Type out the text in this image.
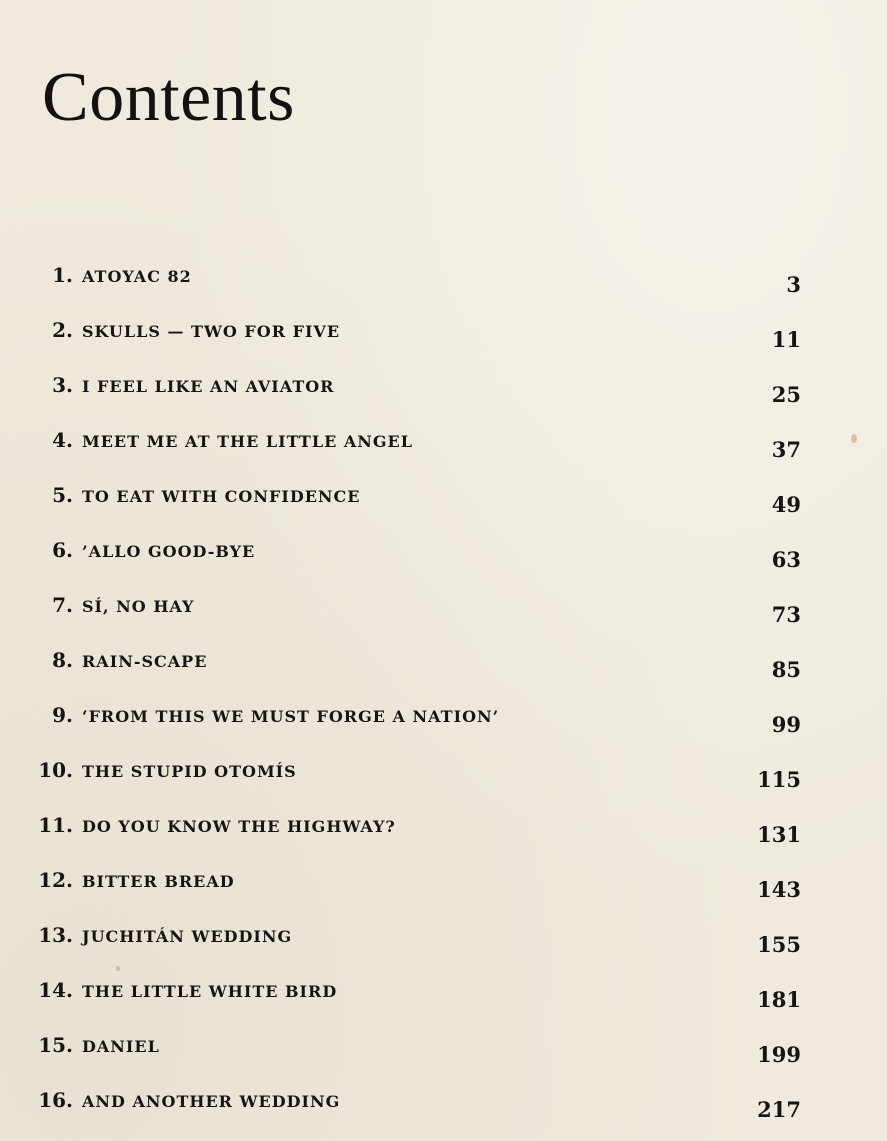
Contents
1. ATOYAC 82	3
2. SKULLS — TWO FOR FIVE	11
3. I FEEL LIKE AN AVIATOR	25
4. MEET ME AT THE LITTLE ANGEL	37
5. TO EAT WITH CONFIDENCE	49
6. ’ALLO GOOD-BYE	63
7. SÍ, NO HAY	73
8. RAIN-SCAPE	85
9. ‘FROM THIS WE MUST FORGE A NATION’	99
10. THE STUPID OTOMÍS	115
11. DO YOU KNOW THE HIGHWAY?	131
12. BITTER BREAD	143
13. JUCHITÁN WEDDING	155
14. THE LITTLE WHITE BIRD	181
15. DANIEL	199
16. AND ANOTHER WEDDING	217
